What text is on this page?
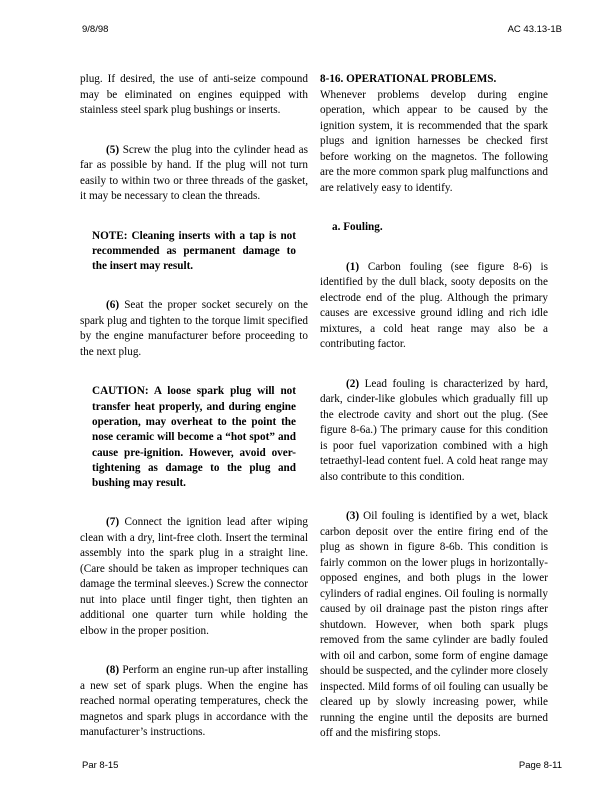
9/8/98	AC 43.13-1B

plug. If desired, the use of anti-seize compound may be eliminated on engines equipped with stainless steel spark plug bushings or inserts.

(5) Screw the plug into the cylinder head as far as possible by hand. If the plug will not turn easily to within two or three threads of the gasket, it may be necessary to clean the threads.

NOTE: Cleaning inserts with a tap is not recommended as permanent damage to the insert may result.

(6) Seat the proper socket securely on the spark plug and tighten to the torque limit specified by the engine manufacturer before proceeding to the next plug.

CAUTION: A loose spark plug will not transfer heat properly, and during engine operation, may overheat to the point the nose ceramic will become a “hot spot” and cause pre-ignition. However, avoid over-tightening as damage to the plug and bushing may result.

(7) Connect the ignition lead after wiping clean with a dry, lint-free cloth. Insert the terminal assembly into the spark plug in a straight line. (Care should be taken as improper techniques can damage the terminal sleeves.) Screw the connector nut into place until finger tight, then tighten an additional one quarter turn while holding the elbow in the proper position.

(8) Perform an engine run-up after installing a new set of spark plugs. When the engine has reached normal operating temperatures, check the magnetos and spark plugs in accordance with the manufacturer’s instructions.

8-16. OPERATIONAL PROBLEMS.

Whenever problems develop during engine operation, which appear to be caused by the ignition system, it is recommended that the spark plugs and ignition harnesses be checked first before working on the magnetos. The following are the more common spark plug malfunctions and are relatively easy to identify.

a. Fouling.

(1) Carbon fouling (see figure 8-6) is identified by the dull black, sooty deposits on the electrode end of the plug. Although the primary causes are excessive ground idling and rich idle mixtures, a cold heat range may also be a contributing factor.

(2) Lead fouling is characterized by hard, dark, cinder-like globules which gradually fill up the electrode cavity and short out the plug. (See figure 8-6a.) The primary cause for this condition is poor fuel vaporization combined with a high tetraethyl-lead content fuel. A cold heat range may also contribute to this condition.

(3) Oil fouling is identified by a wet, black carbon deposit over the entire firing end of the plug as shown in figure 8-6b. This condition is fairly common on the lower plugs in horizontally-opposed engines, and both plugs in the lower cylinders of radial engines. Oil fouling is normally caused by oil drainage past the piston rings after shutdown. However, when both spark plugs removed from the same cylinder are badly fouled with oil and carbon, some form of engine damage should be suspected, and the cylinder more closely inspected. Mild forms of oil fouling can usually be cleared up by slowly increasing power, while running the engine until the deposits are burned off and the misfiring stops.

Par 8-15	Page 8-11
